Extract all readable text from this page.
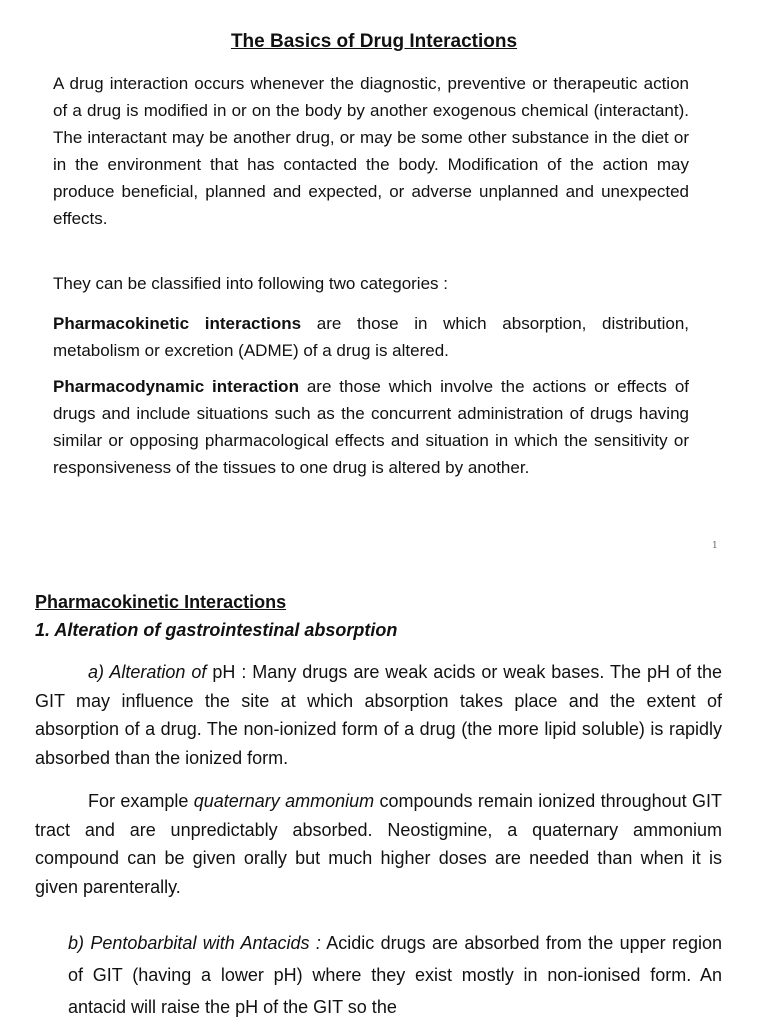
The Basics of Drug Interactions

A drug interaction occurs whenever the diagnostic, preventive or therapeutic action of a drug is modified in or on the body by another exogenous chemical (interactant). The interactant may be another drug, or may be some other substance in the diet or in the environment that has contacted the body. Modification of the action may produce beneficial, planned and expected, or adverse unplanned and unexpected effects.

They can be classified into following two categories :

Pharmacokinetic interactions are those in which absorption, distribution, metabolism or excretion (ADME) of a drug is altered.

Pharmacodynamic interaction are those which involve the actions or effects of drugs and include situations such as the concurrent administration of drugs having similar or opposing pharmacological effects and situation in which the sensitivity or responsiveness of the tissues to one drug is altered by another.

1
Pharmacokinetic Interactions
1. Alteration of gastrointestinal absorption

a) Alteration of pH : Many drugs are weak acids or weak bases. The pH of the GIT may influence the site at which absorption takes place and the extent of absorption of a drug. The non-ionized form of a drug (the more lipid soluble) is rapidly absorbed than the ionized form.

For example quaternary ammonium compounds remain ionized throughout GIT tract and are unpredictably absorbed. Neostigmine, a quaternary ammonium compound can be given orally but much higher doses are needed than when it is given parenterally.

b) Pentobarbital with Antacids : Acidic drugs are absorbed from the upper region of GIT (having a lower pH) where they exist mostly in non-ionised form. An antacid will raise the pH of the GIT so the
